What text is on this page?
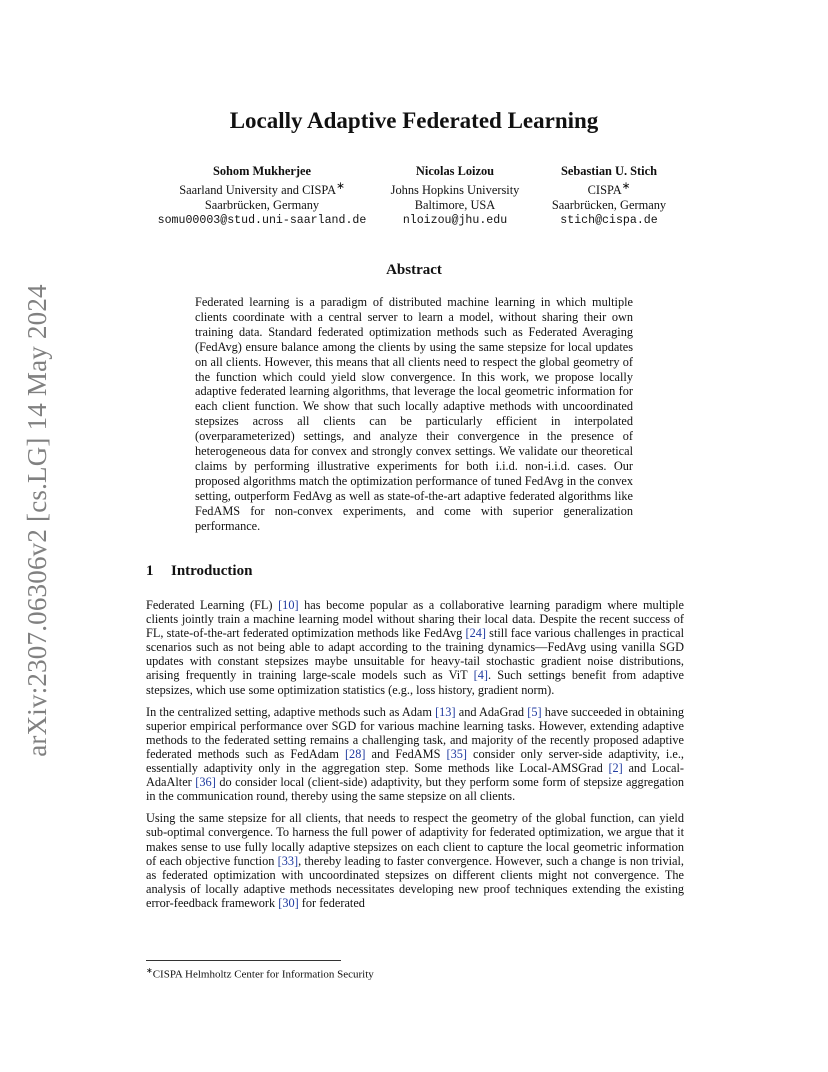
arXiv:2307.06306v2 [cs.LG] 14 May 2024
Locally Adaptive Federated Learning
Sohom Mukherjee
Saarland University and CISPA∗
Saarbrücken, Germany
somu00003@stud.uni-saarland.de
Nicolas Loizou
Johns Hopkins University
Baltimore, USA
nloizou@jhu.edu
Sebastian U. Stich
CISPA∗
Saarbrücken, Germany
stich@cispa.de
Abstract

Federated learning is a paradigm of distributed machine learning in which multiple clients coordinate with a central server to learn a model, without sharing their own training data. Standard federated optimization methods such as Federated Averaging (FedAvg) ensure balance among the clients by using the same stepsize for local updates on all clients. However, this means that all clients need to respect the global geometry of the function which could yield slow convergence. In this work, we propose locally adaptive federated learning algorithms, that leverage the local geometric information for each client function. We show that such locally adaptive methods with uncoordinated stepsizes across all clients can be particularly efficient in interpolated (overparameterized) settings, and analyze their convergence in the presence of heterogeneous data for convex and strongly convex settings. We validate our theoretical claims by performing illustrative experiments for both i.i.d. non-i.i.d. cases. Our proposed algorithms match the optimization performance of tuned FedAvg in the convex setting, outperform FedAvg as well as state-of-the-art adaptive federated algorithms like FedAMS for non-convex experiments, and come with superior generalization performance.

1 Introduction

Federated Learning (FL) [10] has become popular as a collaborative learning paradigm where multiple clients jointly train a machine learning model without sharing their local data. Despite the recent success of FL, state-of-the-art federated optimization methods like FedAvg [24] still face various challenges in practical scenarios such as not being able to adapt according to the training dynamics—FedAvg using vanilla SGD updates with constant stepsizes maybe unsuitable for heavy-tail stochastic gradient noise distributions, arising frequently in training large-scale models such as ViT [4]. Such settings benefit from adaptive stepsizes, which use some optimization statistics (e.g., loss history, gradient norm).

In the centralized setting, adaptive methods such as Adam [13] and AdaGrad [5] have succeeded in obtaining superior empirical performance over SGD for various machine learning tasks. However, extending adaptive methods to the federated setting remains a challenging task, and majority of the recently proposed adaptive federated methods such as FedAdam [28] and FedAMS [35] consider only server-side adaptivity, i.e., essentially adaptivity only in the aggregation step. Some methods like Local-AMSGrad [2] and Local-AdaAlter [36] do consider local (client-side) adaptivity, but they perform some form of stepsize aggregation in the communication round, thereby using the same stepsize on all clients.

Using the same stepsize for all clients, that needs to respect the geometry of the global function, can yield sub-optimal convergence. To harness the full power of adaptivity for federated optimization, we argue that it makes sense to use fully locally adaptive stepsizes on each client to capture the local geometric information of each objective function [33], thereby leading to faster convergence. However, such a change is non trivial, as federated optimization with uncoordinated stepsizes on different clients might not convergence. The analysis of locally adaptive methods necessitates developing new proof techniques extending the existing error-feedback framework [30] for federated

∗CISPA Helmholtz Center for Information Security
